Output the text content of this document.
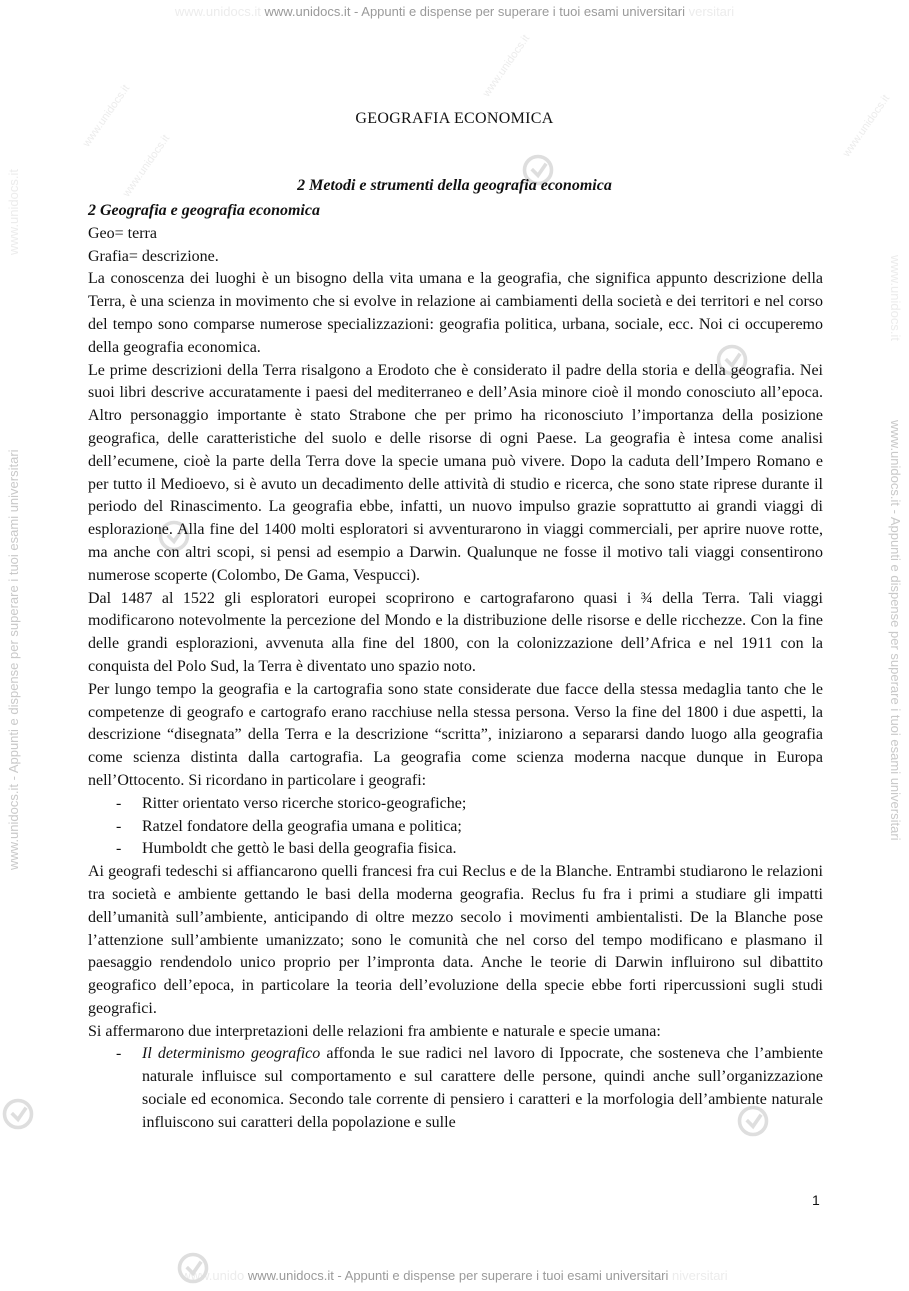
www.unidocs.it www.unidocs.it - Appunti e dispense per superare i tuoi esami universitari versitari
www.unido www.unidocs.it - Appunti e dispense per superare i tuoi esami universitari niversitari
www.unidocs.it - Appunti e dispense per superare i tuoi esami universitari	www.unidocs.it - Appunti e dispense per superare i tuoi esami universitari
www.unidocs.it
www.unidocs.it
www.unidocs.it
www.unidocs.it
www.unidocs.it
www.unidocs.it
GEOGRAFIA ECONOMICA
2 Metodi e strumenti della geografia economica

2 Geografia e geografia economica

Geo= terra

Grafia= descrizione.

La conoscenza dei luoghi è un bisogno della vita umana e la geografia, che significa appunto descrizione della Terra, è una scienza in movimento che si evolve in relazione ai cambiamenti della società e dei territori e nel corso del tempo sono comparse numerose specializzazioni: geografia politica, urbana, sociale, ecc. Noi ci occuperemo della geografia economica.

Le prime descrizioni della Terra risalgono a Erodoto che è considerato il padre della storia e della geografia. Nei suoi libri descrive accuratamente i paesi del mediterraneo e dell’Asia minore cioè il mondo conosciuto all’epoca. Altro personaggio importante è stato Strabone che per primo ha riconosciuto l’importanza della posizione geografica, delle caratteristiche del suolo e delle risorse di ogni Paese. La geografia è intesa come analisi dell’ecumene, cioè la parte della Terra dove la specie umana può vivere. Dopo la caduta dell’Impero Romano e per tutto il Medioevo, si è avuto un decadimento delle attività di studio e ricerca, che sono state riprese durante il periodo del Rinascimento. La geografia ebbe, infatti, un nuovo impulso grazie soprattutto ai grandi viaggi di esplorazione. Alla fine del 1400 molti esploratori si avventurarono in viaggi commerciali, per aprire nuove rotte, ma anche con altri scopi, si pensi ad esempio a Darwin. Qualunque ne fosse il motivo tali viaggi consentirono numerose scoperte (Colombo, De Gama, Vespucci).

Dal 1487 al 1522 gli esploratori europei scoprirono e cartografarono quasi i ¾ della Terra. Tali viaggi modificarono notevolmente la percezione del Mondo e la distribuzione delle risorse e delle ricchezze. Con la fine delle grandi esplorazioni, avvenuta alla fine del 1800, con la colonizzazione dell’Africa e nel 1911 con la conquista del Polo Sud, la Terra è diventato uno spazio noto.

Per lungo tempo la geografia e la cartografia sono state considerate due facce della stessa medaglia tanto che le competenze di geografo e cartografo erano racchiuse nella stessa persona. Verso la fine del 1800 i due aspetti, la descrizione “disegnata” della Terra e la descrizione “scritta”, iniziarono a separarsi dando luogo alla geografia come scienza distinta dalla cartografia. La geografia come scienza moderna nacque dunque in Europa nell’Ottocento. Si ricordano in particolare i geografi:

- Ritter orientato verso ricerche storico-geografiche;
- Ratzel fondatore della geografia umana e politica;
- Humboldt che gettò le basi della geografia fisica.

Ai geografi tedeschi si affiancarono quelli francesi fra cui Reclus e de la Blanche. Entrambi studiarono le relazioni tra società e ambiente gettando le basi della moderna geografia. Reclus fu fra i primi a studiare gli impatti dell’umanità sull’ambiente, anticipando di oltre mezzo secolo i movimenti ambientalisti. De la Blanche pose l’attenzione sull’ambiente umanizzato; sono le comunità che nel corso del tempo modificano e plasmano il paesaggio rendendolo unico proprio per l’impronta data. Anche le teorie di Darwin influirono sul dibattito geografico dell’epoca, in particolare la teoria dell’evoluzione della specie ebbe forti ripercussioni sugli studi geografici.

Si affermarono due interpretazioni delle relazioni fra ambiente e naturale e specie umana:

- Il determinismo geografico affonda le sue radici nel lavoro di Ippocrate, che sosteneva che l’ambiente naturale influisce sul comportamento e sul carattere delle persone, quindi anche sull’organizzazione sociale ed economica. Secondo tale corrente di pensiero i caratteri e la morfologia dell’ambiente naturale influiscono sui caratteri della popolazione e sulle
1
